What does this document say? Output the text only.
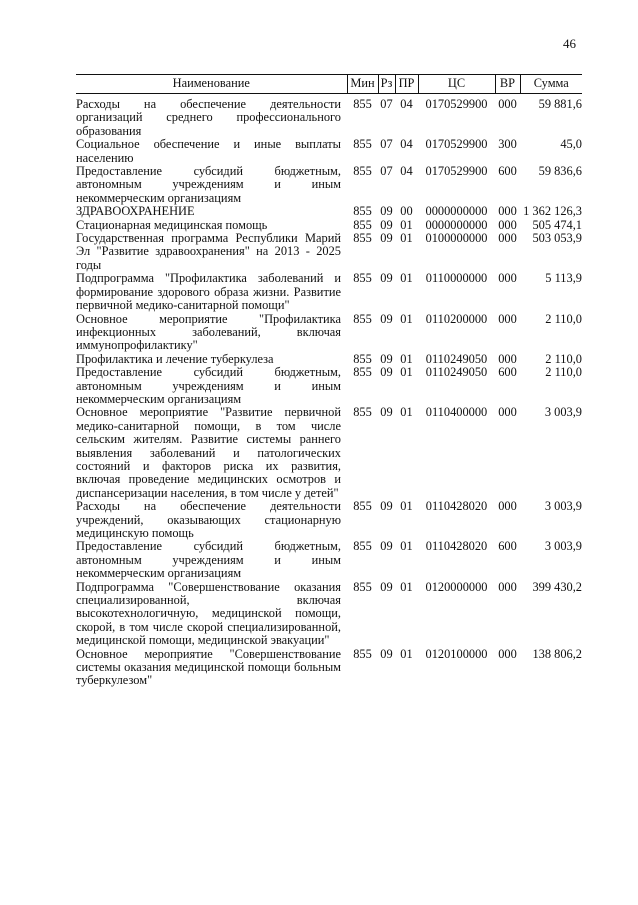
46
Наименование	Мин	Рз	ПР	ЦС	ВР	Сумма
Расходы на обеспечение деятельности организаций среднего профессионального образования	855	07	04	0170529900	000	59 881,6
Социальное обеспечение и иные выплаты населению	855	07	04	0170529900	300	45,0
Предоставление субсидий бюджетным, автономным учреждениям и иным некоммерческим организациям	855	07	04	0170529900	600	59 836,6
ЗДРАВООХРАНЕНИЕ	855	09	00	0000000000	000	1 362 126,3
Стационарная медицинская помощь	855	09	01	0000000000	000	505 474,1
Государственная программа Республики Марий Эл "Развитие здравоохранения" на 2013 - 2025 годы	855	09	01	0100000000	000	503 053,9
Подпрограмма "Профилактика заболеваний и формирование здорового образа жизни. Развитие первичной медико-санитарной помощи"	855	09	01	0110000000	000	5 113,9
Основное мероприятие "Профилактика инфекционных заболеваний, включая иммунопрофилактику"	855	09	01	0110200000	000	2 110,0
Профилактика и лечение туберкулеза	855	09	01	0110249050	000	2 110,0
Предоставление субсидий бюджетным, автономным учреждениям и иным некоммерческим организациям	855	09	01	0110249050	600	2 110,0
Основное мероприятие "Развитие первичной медико-санитарной помощи, в том числе сельским жителям. Развитие системы раннего выявления заболеваний и патологических состояний и факторов риска их развития, включая проведение медицинских осмотров и диспансеризации населения, в том числе у детей"	855	09	01	0110400000	000	3 003,9
Расходы на обеспечение деятельности учреждений, оказывающих стационарную медицинскую помощь	855	09	01	0110428020	000	3 003,9
Предоставление субсидий бюджетным, автономным учреждениям и иным некоммерческим организациям	855	09	01	0110428020	600	3 003,9
Подпрограмма "Совершенствование оказания специализированной, включая высокотехнологичную, медицинской помощи, скорой, в том числе скорой специализированной, медицинской помощи, медицинской эвакуации"	855	09	01	0120000000	000	399 430,2
Основное мероприятие "Совершенствование системы оказания медицинской помощи больным туберкулезом"	855	09	01	0120100000	000	138 806,2
